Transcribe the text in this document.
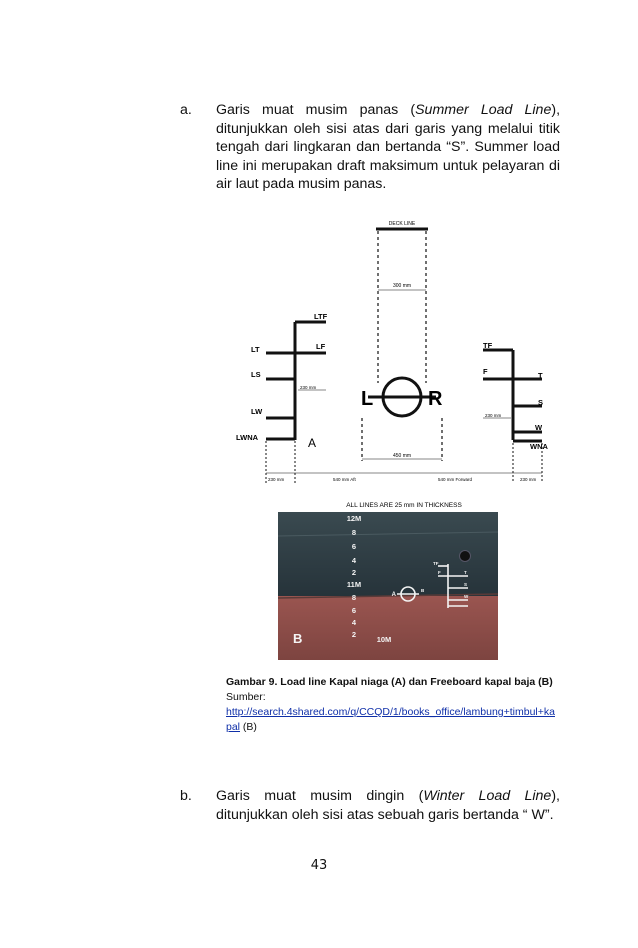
a. Garis muat musim panas (Summer Load Line), ditunjukkan oleh sisi atas dari garis yang melalui titik tengah dari lingkaran dan bertanda “S”. Summer load line ini merupakan draft maksimum untuk pelayaran di air laut pada musim panas.
DECK LINE
300 mm
LTF
LT	LF
LS
230 mm
LW
LWNA	A
L	R
450 mm
TF
F	T
S
230 mm
W
WNA
230 mm	540 mm Aft	540 mm Forward	230 mm
ALL LINES ARE 25 mm IN THICKNESS
12M
8
6
4
2
11M
8
6
4
2
10M
A
B
TF
F	T
S
W
B
Gambar 9. Load line Kapal niaga (A) dan Freeboard kapal baja (B)
Sumber:
http://search.4shared.com/q/CCQD/1/books_office/lambung+timbul+kapal (B)
b. Garis muat musim dingin (Winter Load Line), ditunjukkan oleh sisi atas sebuah garis bertanda “ W”.
43
